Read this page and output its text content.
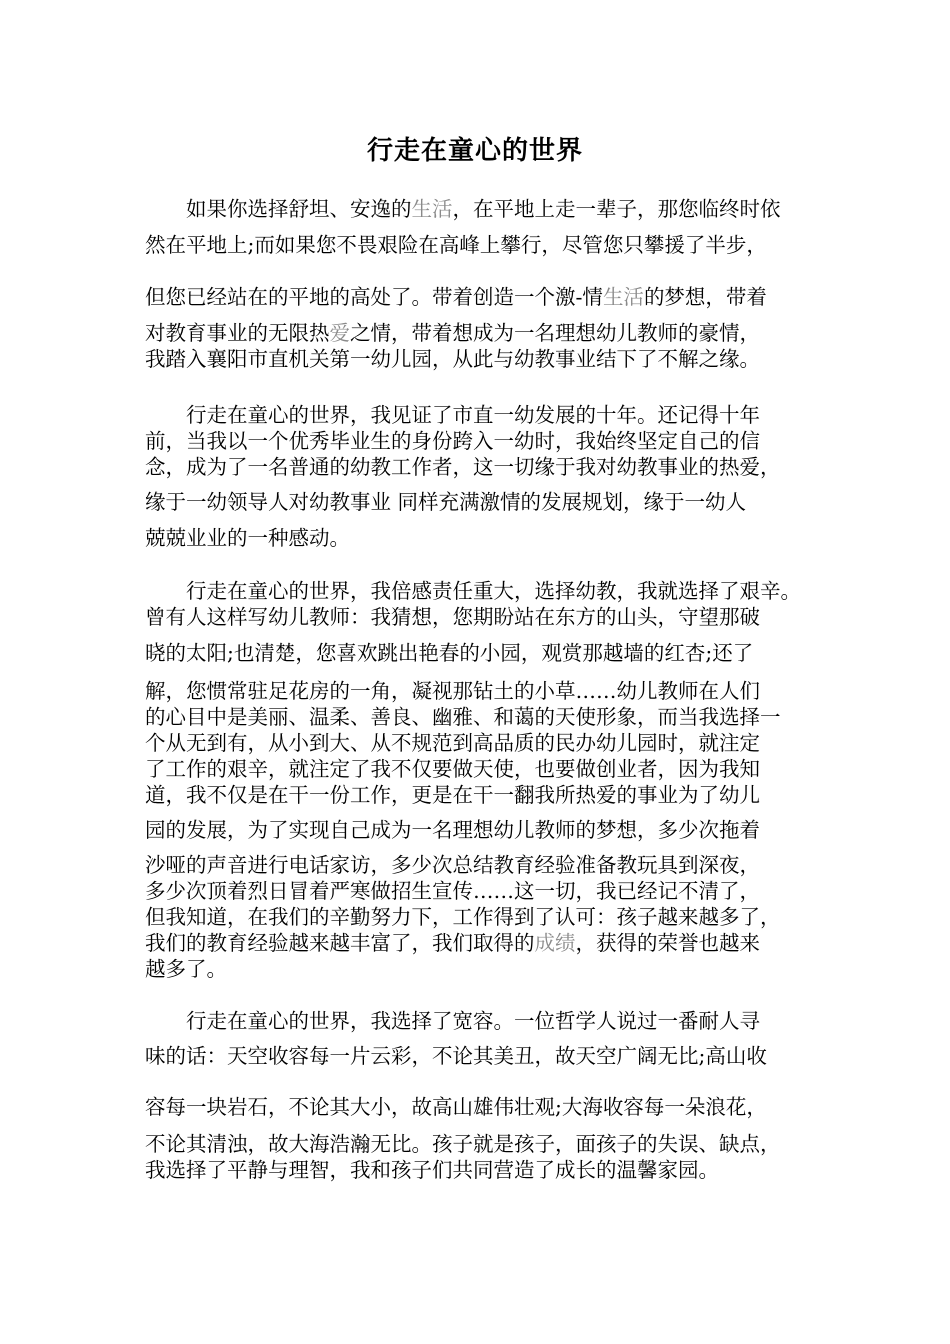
行走在童心的世界
如果你选择舒坦、安逸的生活，在平地上走一辈子，那您临终时依
然在平地上;而如果您不畏艰险在高峰上攀行，尽管您只攀援了半步，
但您已经站在的平地的高处了。带着创造一个激-情生活的梦想，带着
对教育事业的无限热爱之情，带着想成为一名理想幼儿教师的豪情，
我踏入襄阳市直机关第一幼儿园，从此与幼教事业结下了不解之缘。
行走在童心的世界，我见证了市直一幼发展的十年。还记得十年
前，当我以一个优秀毕业生的身份跨入一幼时，我始终坚定自己的信
念，成为了一名普通的幼教工作者，这一切缘于我对幼教事业的热爱，
缘于一幼领导人对幼教事业 同样充满激情的发展规划，缘于一幼人
兢兢业业的一种感动。
行走在童心的世界，我倍感责任重大，选择幼教，我就选择了艰辛。
曾有人这样写幼儿教师：我猜想，您期盼站在东方的山头，守望那破
晓的太阳;也清楚，您喜欢跳出艳春的小园，观赏那越墙的红杏;还了
解，您惯常驻足花房的一角，凝视那钻土的小草……幼儿教师在人们
的心目中是美丽、温柔、善良、幽雅、和蔼的天使形象，而当我选择一
个从无到有，从小到大、从不规范到高品质的民办幼儿园时，就注定
了工作的艰辛，就注定了我不仅要做天使，也要做创业者，因为我知
道，我不仅是在干一份工作，更是在干一翻我所热爱的事业为了幼儿
园的发展，为了实现自己成为一名理想幼儿教师的梦想，多少次拖着
沙哑的声音进行电话家访，多少次总结教育经验准备教玩具到深夜，
多少次顶着烈日冒着严寒做招生宣传……这一切，我已经记不清了，
但我知道，在我们的辛勤努力下，工作得到了认可：孩子越来越多了，
我们的教育经验越来越丰富了，我们取得的成绩，获得的荣誉也越来
越多了。
行走在童心的世界，我选择了宽容。一位哲学人说过一番耐人寻
味的话：天空收容每一片云彩，不论其美丑，故天空广阔无比;高山收
容每一块岩石，不论其大小，故高山雄伟壮观;大海收容每一朵浪花，
不论其清浊，故大海浩瀚无比。孩子就是孩子，面孩子的失误、缺点，
我选择了平静与理智，我和孩子们共同营造了成长的温馨家园。
